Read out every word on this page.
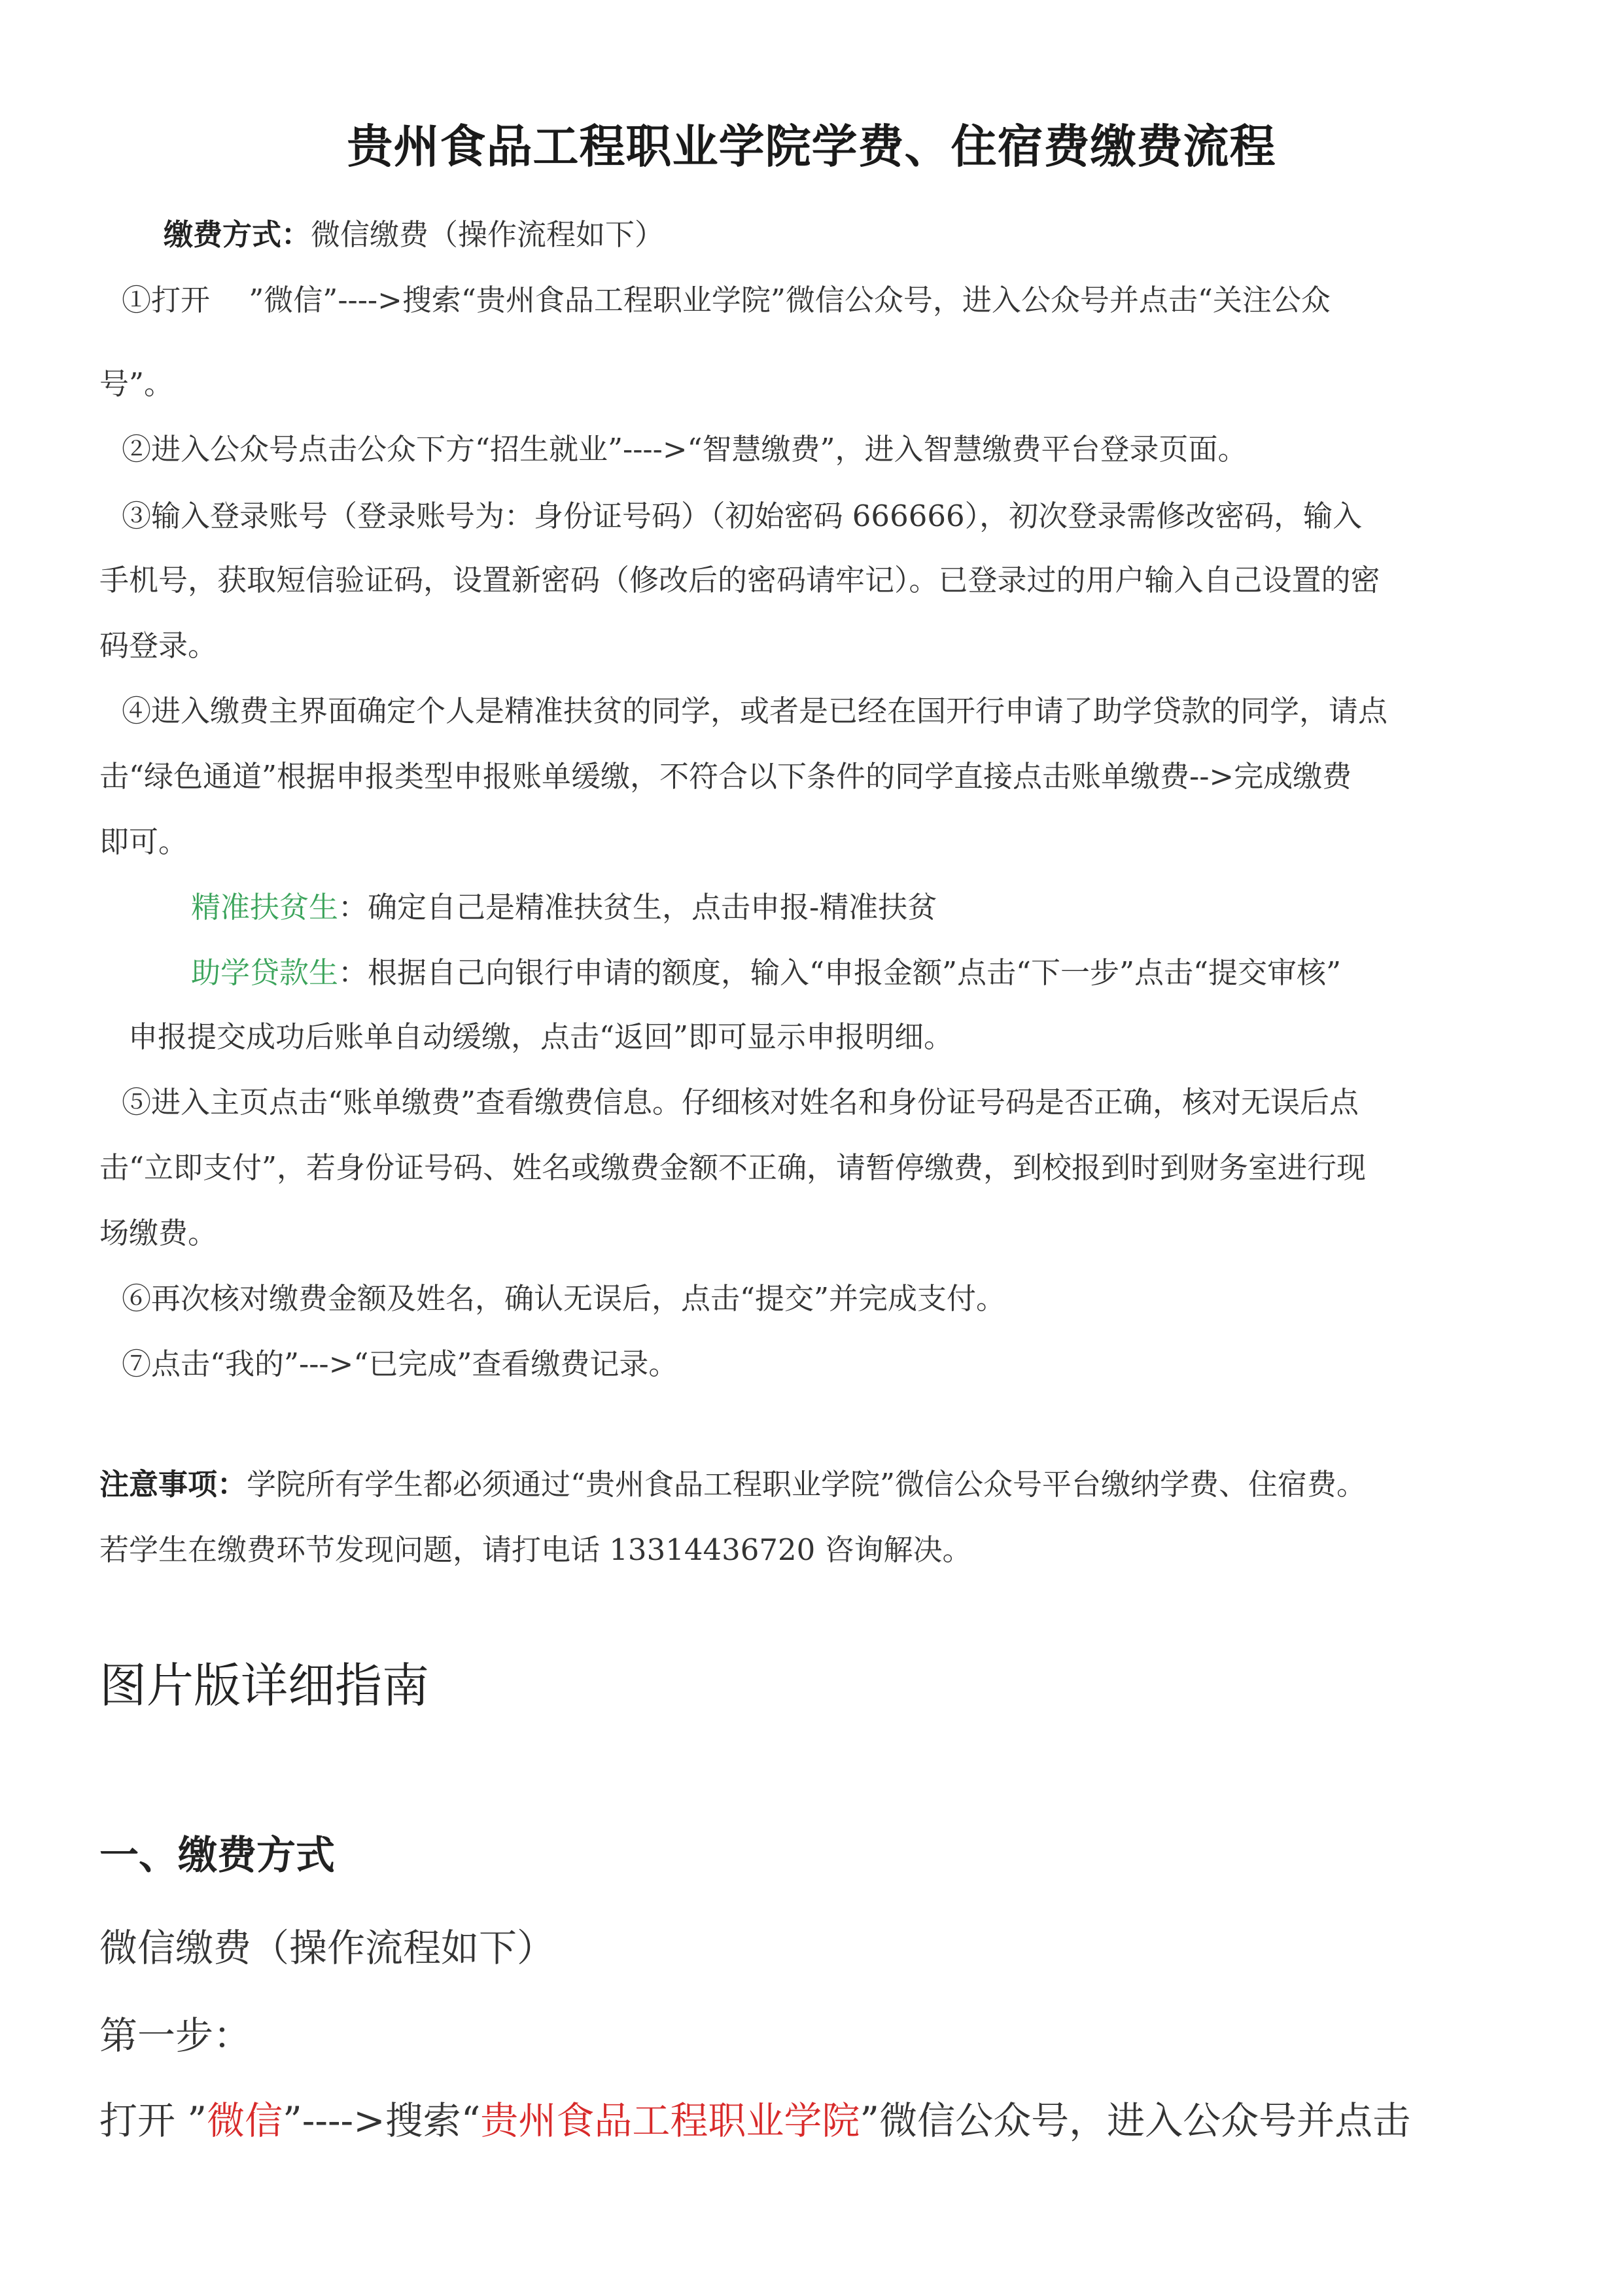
贵州食品工程职业学院学费、住宿费缴费流程
缴费方式：微信缴费（操作流程如下）
①打开　 ”微信”---->搜索“贵州食品工程职业学院”微信公众号，进入公众号并点击“关注公众
号”。
②进入公众号点击公众下方“招生就业”---->“智慧缴费”，进入智慧缴费平台登录页面。
③输入登录账号（登录账号为：身份证号码）（初始密码 666666），初次登录需修改密码，输入
手机号，获取短信验证码，设置新密码（修改后的密码请牢记）。已登录过的用户输入自己设置的密
码登录。
④进入缴费主界面确定个人是精准扶贫的同学，或者是已经在国开行申请了助学贷款的同学，请点
击“绿色通道”根据申报类型申报账单缓缴，不符合以下条件的同学直接点击账单缴费-->完成缴费
即可。
精准扶贫生：确定自己是精准扶贫生，点击申报-精准扶贫
助学贷款生：根据自己向银行申请的额度，输入“申报金额”点击“下一步”点击“提交审核”
申报提交成功后账单自动缓缴，点击“返回”即可显示申报明细。
⑤进入主页点击“账单缴费”查看缴费信息。仔细核对姓名和身份证号码是否正确，核对无误后点
击“立即支付”，若身份证号码、姓名或缴费金额不正确，请暂停缴费，到校报到时到财务室进行现
场缴费。
⑥再次核对缴费金额及姓名，确认无误后，点击“提交”并完成支付。
⑦点击“我的”--->“已完成”查看缴费记录。
注意事项：学院所有学生都必须通过“贵州食品工程职业学院”微信公众号平台缴纳学费、住宿费。
若学生在缴费环节发现问题，请打电话 13314436720 咨询解决。
图片版详细指南
一、缴费方式
微信缴费（操作流程如下）
第一步：
打开 ”微信”---->搜索“贵州食品工程职业学院”微信公众号，进入公众号并点击
